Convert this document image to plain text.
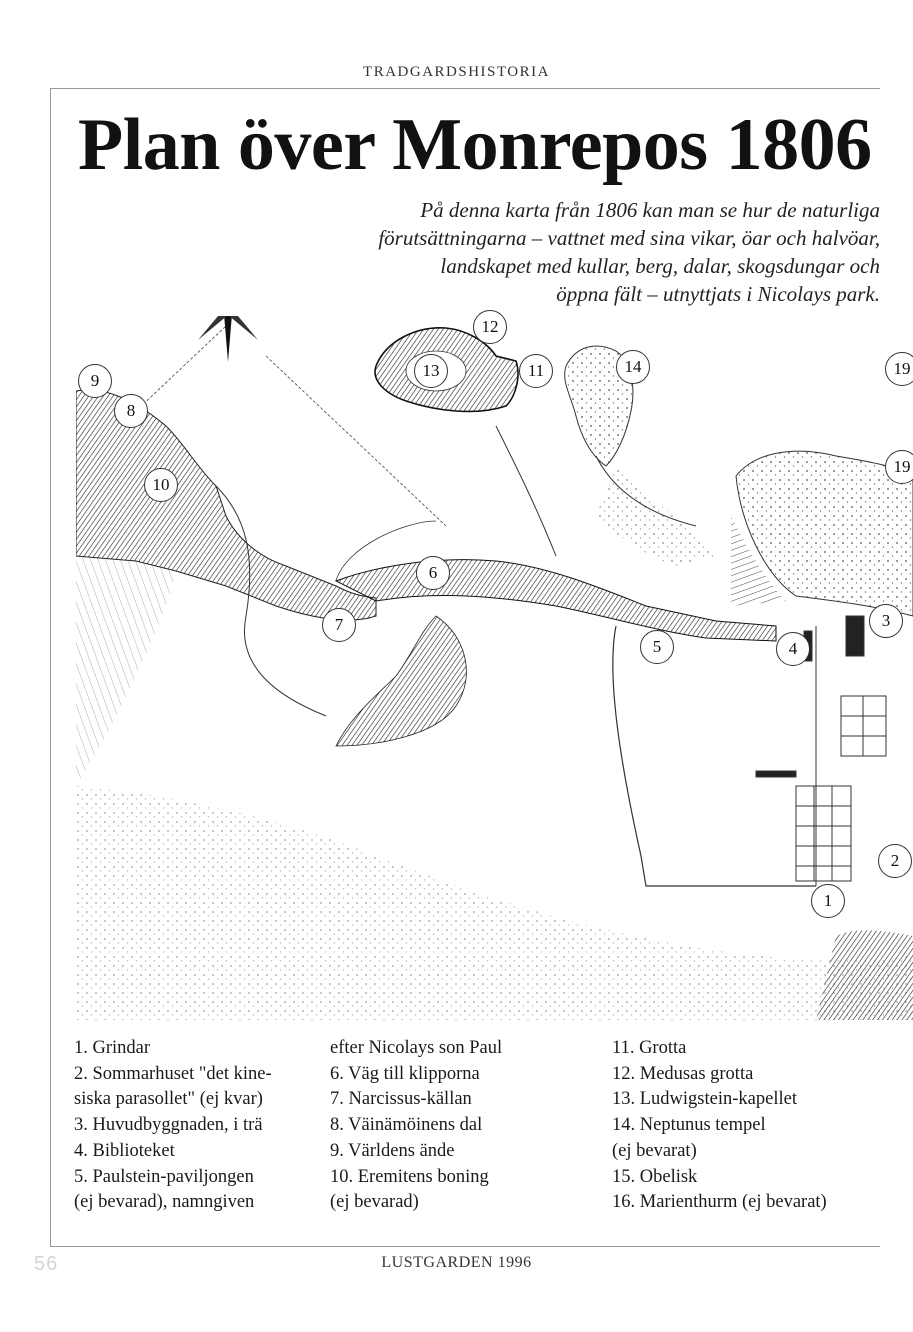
TRADGARDSHISTORIA
Plan över Monrepos 1806
På denna karta från 1806 kan man se hur de naturliga
förutsättningarna – vattnet med sina vikar, öar och halvöar,
landskapet med kullar, berg, dalar, skogsdungar och
öppna fält – utnyttjats i Nicolays park.
9
8
10
12
13	11	14	19
19
6
7
5	4
3
2
1
1. Grindar
2. Sommarhuset "det kine-
siska parasollet" (ej kvar)
3. Huvudbyggnaden, i trä
4. Biblioteket
5. Paulstein-paviljongen
(ej bevarad), namngiven
efter Nicolays son Paul
6. Väg till klipporna
7. Narcissus-källan
8. Väinämöinens dal
9. Världens ände
10. Eremitens boning
(ej bevarad)
11. Grotta
12. Medusas grotta
13. Ludwigstein-kapellet
14. Neptunus tempel
(ej bevarat)
15. Obelisk
16. Marienthurm (ej bevarat)
56	LUSTGARDEN 1996
